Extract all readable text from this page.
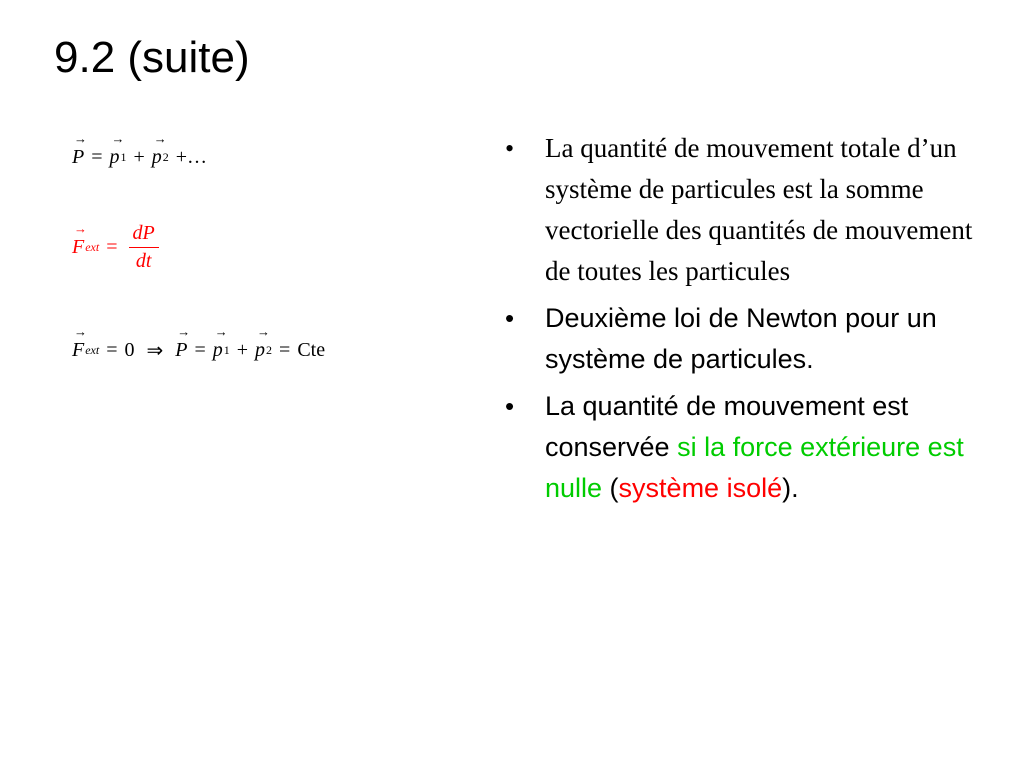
9.2 (suite)
→ P = → p 1 + → p 2 +…
→ F ext = $\frac{dP}{dt}$
→ F ext = 0 ⇒ → P = → p 1 + → p 2 = Cte
•	La quantité de mouvement totale d’un système de particules est la somme vectorielle des quantités de mouvement de toutes les particules
•	Deuxième loi de Newton pour un système de particules.
•	La quantité de mouvement est conservée si la force extérieure est nulle (système isolé).
